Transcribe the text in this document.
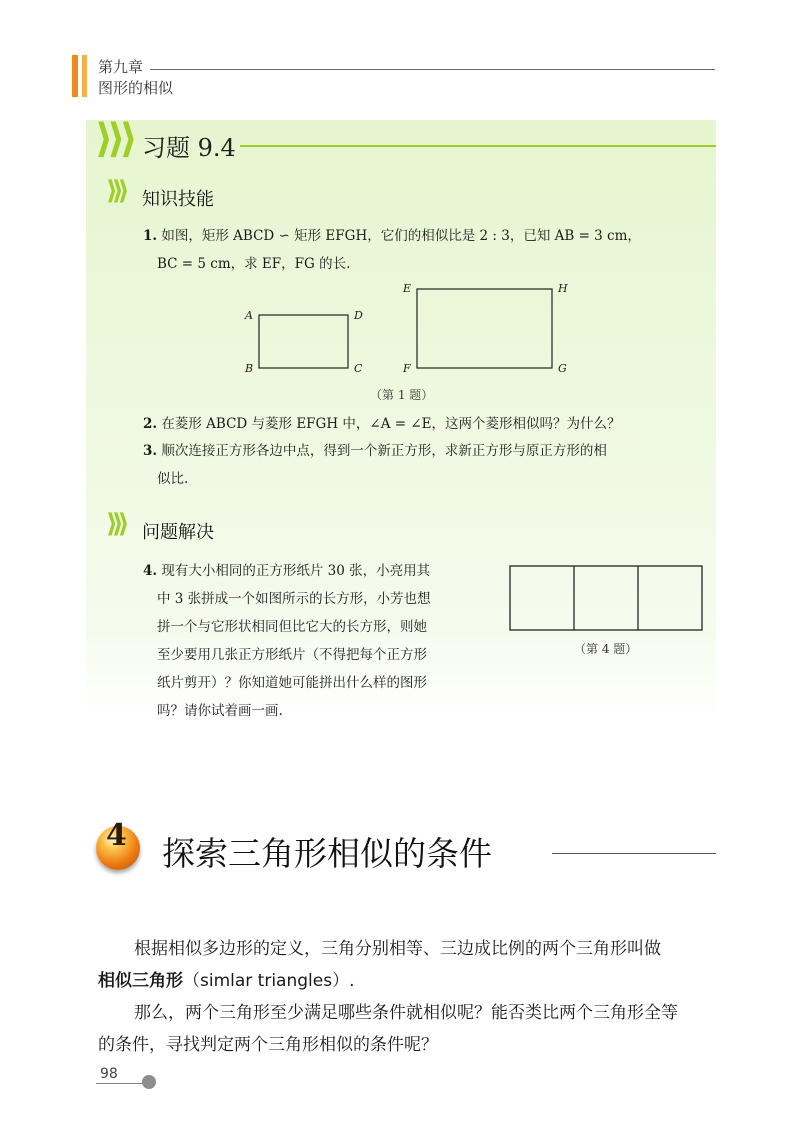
第九章
图形的相似
⟩⟩⟩ 习题 9.4
⟩⟩⟩ 知识技能
1. 如图，矩形 ABCD ∽ 矩形 EFGH，它们的相似比是 2 : 3，已知 AB = 3 cm，
BC = 5 cm，求 EF，FG 的长.
A
B	C
D
E
F	G
H
（第 1 题）
2. 在菱形 ABCD 与菱形 EFGH 中，∠A = ∠E，这两个菱形相似吗？为什么？
3. 顺次连接正方形各边中点，得到一个新正方形，求新正方形与原正方形的相
似比.
⟩⟩⟩ 问题解决
4. 现有大小相同的正方形纸片 30 张，小亮用其
中 3 张拼成一个如图所示的长方形，小芳也想
拼一个与它形状相同但比它大的长方形，则她
至少要用几张正方形纸片（不得把每个正方形
纸片剪开）？你知道她可能拼出什么样的图形
吗？请你试着画一画.
（第 4 题）
4 探索三角形相似的条件
根据相似多边形的定义，三角分别相等、三边成比例的两个三角形叫做
相似三角形（simlar triangles）.
那么，两个三角形至少满足哪些条件就相似呢？能否类比两个三角形全等
的条件，寻找判定两个三角形相似的条件呢？
98
